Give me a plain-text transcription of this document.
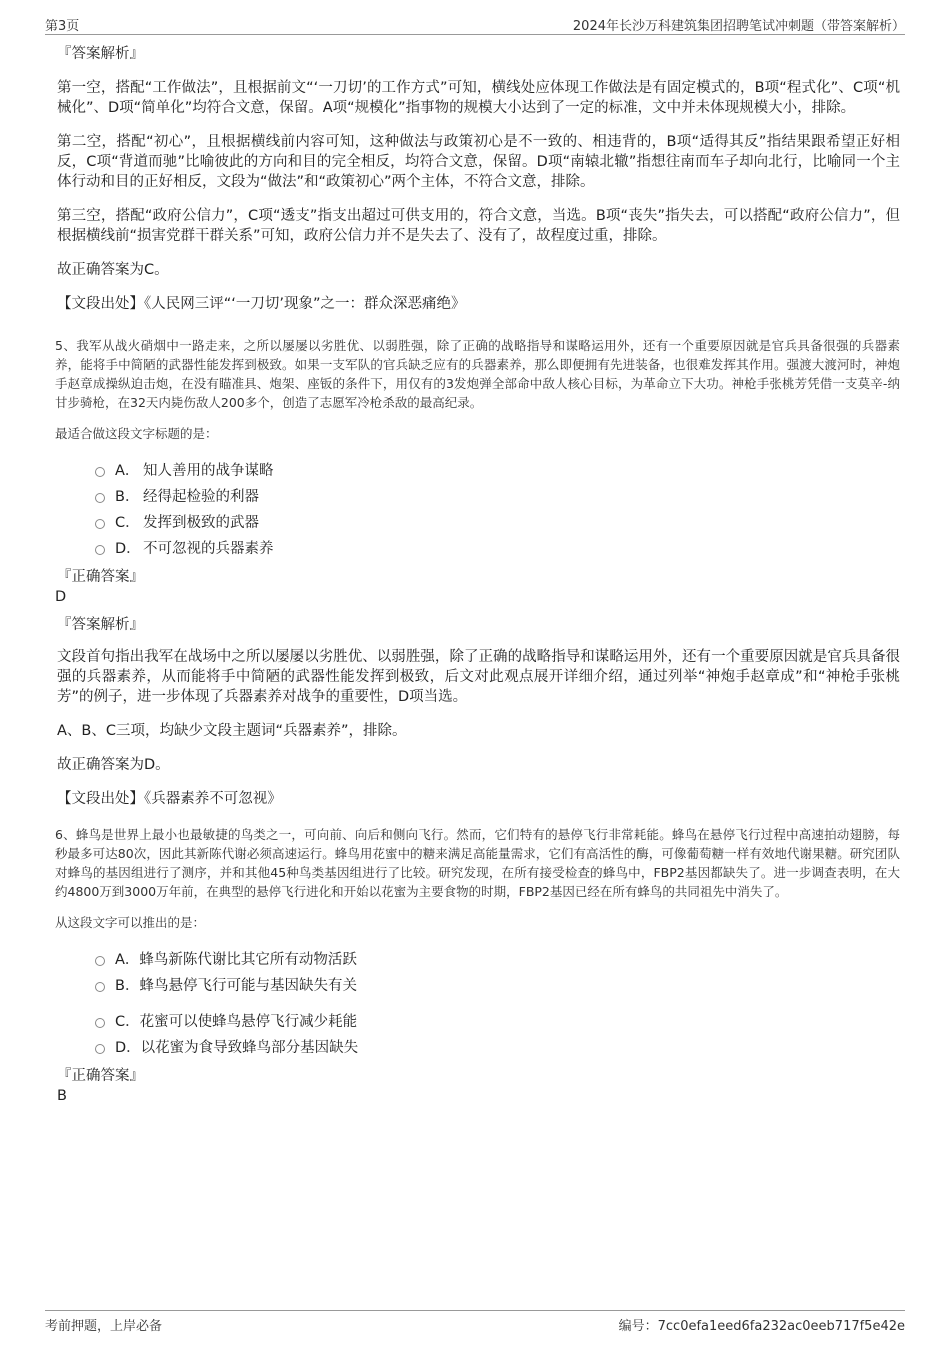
第3页	2024年长沙万科建筑集团招聘笔试冲刺题（带答案解析）
『答案解析』

第一空，搭配“工作做法”，且根据前文“‘一刀切’的工作方式”可知，横线处应体现工作做法是有固定模式的，B项“程式化”、C项“机械化”、D项“简单化”均符合文意，保留。A项“规模化”指事物的规模大小达到了一定的标准，文中并未体现规模大小，排除。

第二空，搭配“初心”，且根据横线前内容可知，这种做法与政策初心是不一致的、相违背的，B项“适得其反”指结果跟希望正好相反，C项“背道而驰”比喻彼此的方向和目的完全相反，均符合文意，保留。D项“南辕北辙”指想往南而车子却向北行，比喻同一个主体行动和目的正好相反，文段为“做法”和“政策初心”两个主体，不符合文意，排除。

第三空，搭配“政府公信力”，C项“透支”指支出超过可供支用的，符合文意，当选。B项“丧失”指失去，可以搭配“政府公信力”，但根据横线前“损害党群干群关系”可知，政府公信力并不是失去了、没有了，故程度过重，排除。

故正确答案为C。

【文段出处】《人民网三评“‘一刀切’现象”之一：群众深恶痛绝》

5、我军从战火硝烟中一路走来，之所以屡屡以劣胜优、以弱胜强，除了正确的战略指导和谋略运用外，还有一个重要原因就是官兵具备很强的兵器素养，能将手中简陋的武器性能发挥到极致。如果一支军队的官兵缺乏应有的兵器素养，那么即便拥有先进装备，也很难发挥其作用。强渡大渡河时，神炮手赵章成操纵迫击炮，在没有瞄准具、炮架、座钣的条件下，用仅有的3发炮弹全部命中敌人核心目标，为革命立下大功。神枪手张桃芳凭借一支莫辛-纳甘步骑枪，在32天内毙伤敌人200多个，创造了志愿军冷枪杀敌的最高纪录。

最适合做这段文字标题的是：

A． 知人善用的战争谋略
B． 经得起检验的利器
C． 发挥到极致的武器
D． 不可忽视的兵器素养
『正确答案』
D
『答案解析』

文段首句指出我军在战场中之所以屡屡以劣胜优、以弱胜强，除了正确的战略指导和谋略运用外，还有一个重要原因就是官兵具备很强的兵器素养，从而能将手中简陋的武器性能发挥到极致，后文对此观点展开详细介绍，通过列举“神炮手赵章成”和“神枪手张桃芳”的例子，进一步体现了兵器素养对战争的重要性，D项当选。

A、B、C三项，均缺少文段主题词“兵器素养”，排除。

故正确答案为D。

【文段出处】《兵器素养不可忽视》

6、蜂鸟是世界上最小也最敏捷的鸟类之一，可向前、向后和侧向飞行。然而，它们特有的悬停飞行非常耗能。蜂鸟在悬停飞行过程中高速拍动翅膀，每秒最多可达80次，因此其新陈代谢必须高速运行。蜂鸟用花蜜中的糖来满足高能量需求，它们有高活性的酶，可像葡萄糖一样有效地代谢果糖。研究团队对蜂鸟的基因组进行了测序，并和其他45种鸟类基因组进行了比较。研究发现，在所有接受检查的蜂鸟中，FBP2基因都缺失了。进一步调查表明，在大约4800万到3000万年前，在典型的悬停飞行进化和开始以花蜜为主要食物的时期，FBP2基因已经在所有蜂鸟的共同祖先中消失了。

从这段文字可以推出的是：

A．蜂鸟新陈代谢比其它所有动物活跃
B．蜂鸟悬停飞行可能与基因缺失有关
C．花蜜可以使蜂鸟悬停飞行减少耗能
D．以花蜜为食导致蜂鸟部分基因缺失
『正确答案』
B
考前押题，上岸必备	编号：7cc0efa1eed6fa232ac0eeb717f5e42e
